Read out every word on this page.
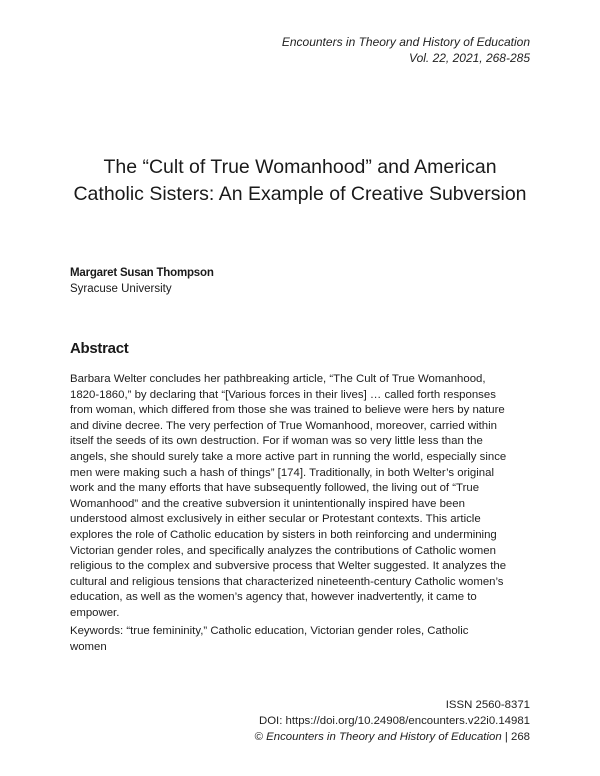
Encounters in Theory and History of Education
Vol. 22, 2021, 268-285
The “Cult of True Womanhood” and American
Catholic Sisters: An Example of Creative Subversion
Margaret Susan Thompson
Syracuse University
Abstract
Barbara Welter concludes her pathbreaking article, “The Cult of True Womanhood,
1820-1860,” by declaring that “[Various forces in their lives] … called forth responses
from woman, which differed from those she was trained to believe were hers by nature
and divine decree. The very perfection of True Womanhood, moreover, carried within
itself the seeds of its own destruction. For if woman was so very little less than the
angels, she should surely take a more active part in running the world, especially since
men were making such a hash of things” [174]. Traditionally, in both Welter’s original
work and the many efforts that have subsequently followed, the living out of “True
Womanhood” and the creative subversion it unintentionally inspired have been
understood almost exclusively in either secular or Protestant contexts. This article
explores the role of Catholic education by sisters in both reinforcing and undermining
Victorian gender roles, and specifically analyzes the contributions of Catholic women
religious to the complex and subversive process that Welter suggested. It analyzes the
cultural and religious tensions that characterized nineteenth-century Catholic women’s
education, as well as the women’s agency that, however inadvertently, it came to
empower.
Keywords: “true femininity,” Catholic education, Victorian gender roles, Catholic
women
ISSN 2560-8371
DOI: https://doi.org/10.24908/encounters.v22i0.14981
© Encounters in Theory and History of Education | 268
